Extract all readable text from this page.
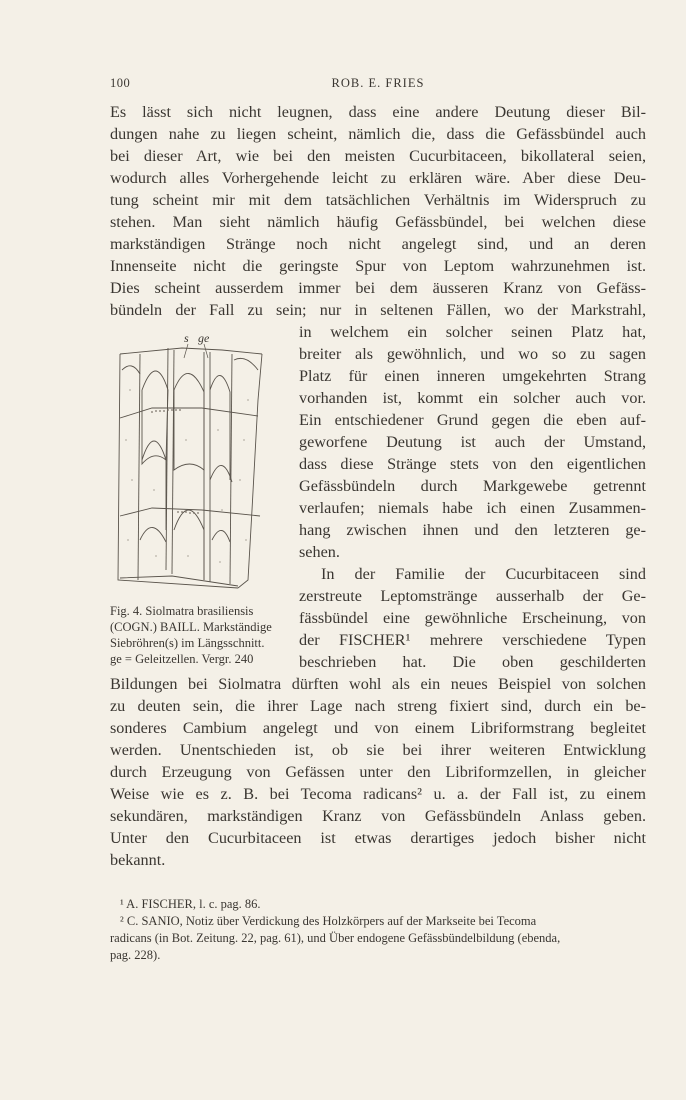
100	ROB. E. FRIES
Es lässt sich nicht leugnen, dass eine andere Deutung dieser Bil-
dungen nahe zu liegen scheint, nämlich die, dass die Gefässbündel auch
bei dieser Art, wie bei den meisten Cucurbitaceen, bikollateral seien,
wodurch alles Vorhergehende leicht zu erklären wäre. Aber diese Deu-
tung scheint mir mit dem tatsächlichen Verhältnis im Widerspruch zu
stehen. Man sieht nämlich häufig Gefässbündel, bei welchen diese
markständigen Stränge noch nicht angelegt sind, und an deren
Innenseite nicht die geringste Spur von Leptom wahrzunehmen ist.
Dies scheint ausserdem immer bei dem äusseren Kranz von Gefäss-
bündeln der Fall zu sein; nur in seltenen Fällen, wo der Markstrahl,
in welchem ein solcher seinen Platz hat,
breiter als gewöhnlich, und wo so zu sagen
Platz für einen inneren umgekehrten Strang
vorhanden ist, kommt ein solcher auch vor.
Ein entschiedener Grund gegen die eben auf-
geworfene Deutung ist auch der Umstand,
dass diese Stränge stets von den eigentlichen
Gefässbündeln durch Markgewebe getrennt
verlaufen; niemals habe ich einen Zusammen-
hang zwischen ihnen und den letzteren ge-
sehen.
In der Familie der Cucurbitaceen sind
zerstreute Leptomstränge ausserhalb der Ge-
fässbündel eine gewöhnliche Erscheinung, von
der FISCHER¹ mehrere verschiedene Typen
beschrieben hat. Die oben geschilderten
s ge
Fig. 4. Siolmatra brasiliensis
(COGN.) BAILL. Markständige
Siebröhren(s) im Längsschnitt.
ge = Geleitzellen. Vergr. 240
Bildungen bei Siolmatra dürften wohl als ein neues Beispiel von solchen
zu deuten sein, die ihrer Lage nach streng fixiert sind, durch ein be-
sonderes Cambium angelegt und von einem Libriformstrang begleitet
werden. Unentschieden ist, ob sie bei ihrer weiteren Entwicklung
durch Erzeugung von Gefässen unter den Libriformzellen, in gleicher
Weise wie es z. B. bei Tecoma radicans² u. a. der Fall ist, zu einem
sekundären, markständigen Kranz von Gefässbündeln Anlass geben.
Unter den Cucurbitaceen ist etwas derartiges jedoch bisher nicht
bekannt.
¹ A. FISCHER, l. c. pag. 86.
² C. SANIO, Notiz über Verdickung des Holzkörpers auf der Markseite bei Tecoma
radicans (in Bot. Zeitung. 22, pag. 61), und Über endogene Gefässbündelbildung (ebenda,
pag. 228).
